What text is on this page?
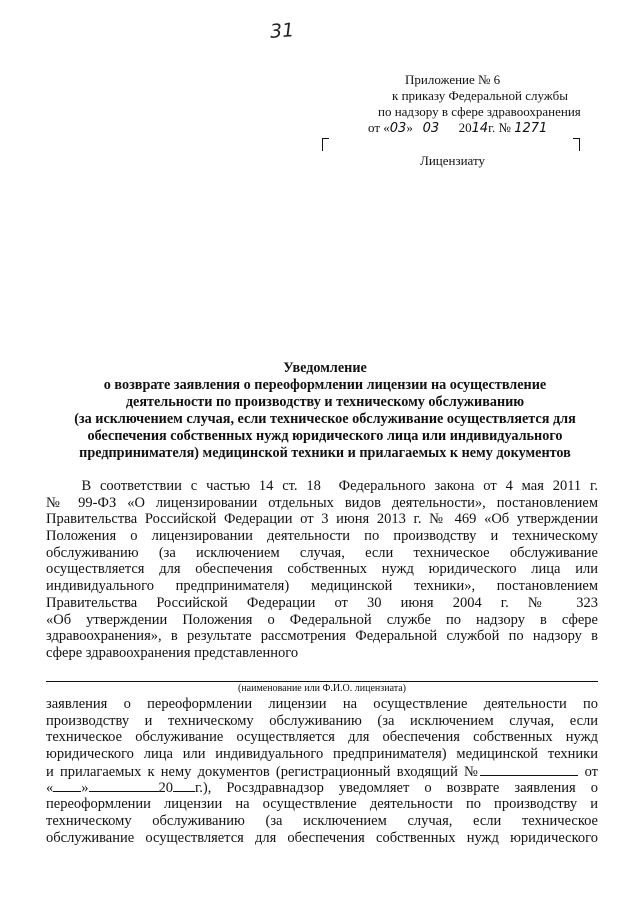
31
Приложение № 6
к приказу Федеральной службы
по надзору в сфере здравоохранения
от «03»   03 2014г. № 1271
Лицензиату
Уведомление
о возврате заявления о переоформлении лицензии на осуществление
деятельности по производству и техническому обслуживанию
(за исключением случая, если техническое обслуживание осуществляется для
обеспечения собственных нужд юридического лица или индивидуального
предпринимателя) медицинской техники и прилагаемых к нему документов
В соответствии с частью 14 ст. 18  Федерального закона от 4 мая 2011 г.
№ 99-ФЗ «О лицензировании отдельных видов деятельности», постановлением
Правительства Российской Федерации от 3 июня 2013 г. № 469 «Об утверждении
Положения о лицензировании деятельности по производству и техническому
обслуживанию (за исключением случая, если техническое обслуживание
осуществляется для обеспечения собственных нужд юридического лица или
индивидуального предпринимателя) медицинской техники», постановлением
Правительства Российской Федерации от 30 июня 2004 г. № 323
«Об утверждении Положения о Федеральной службе по надзору в сфере
здравоохранения», в результате рассмотрения Федеральной службой по надзору в
сфере здравоохранения представленного
(наименование или Ф.И.О. лицензиата)
заявления о переоформлении лицензии на осуществление деятельности по
производству и техническому обслуживанию (за исключением случая, если
техническое обслуживание осуществляется для обеспечения собственных нужд
юридического лица или индивидуального предпринимателя) медицинской техники
и прилагаемых к нему документов (регистрационный входящий №	от
« »	20 г.), Росздравнадзор уведомляет о возврате заявления о
переоформлении лицензии на осуществление деятельности по производству и
техническому обслуживанию (за исключением случая, если техническое
обслуживание осуществляется для обеспечения собственных нужд юридического
